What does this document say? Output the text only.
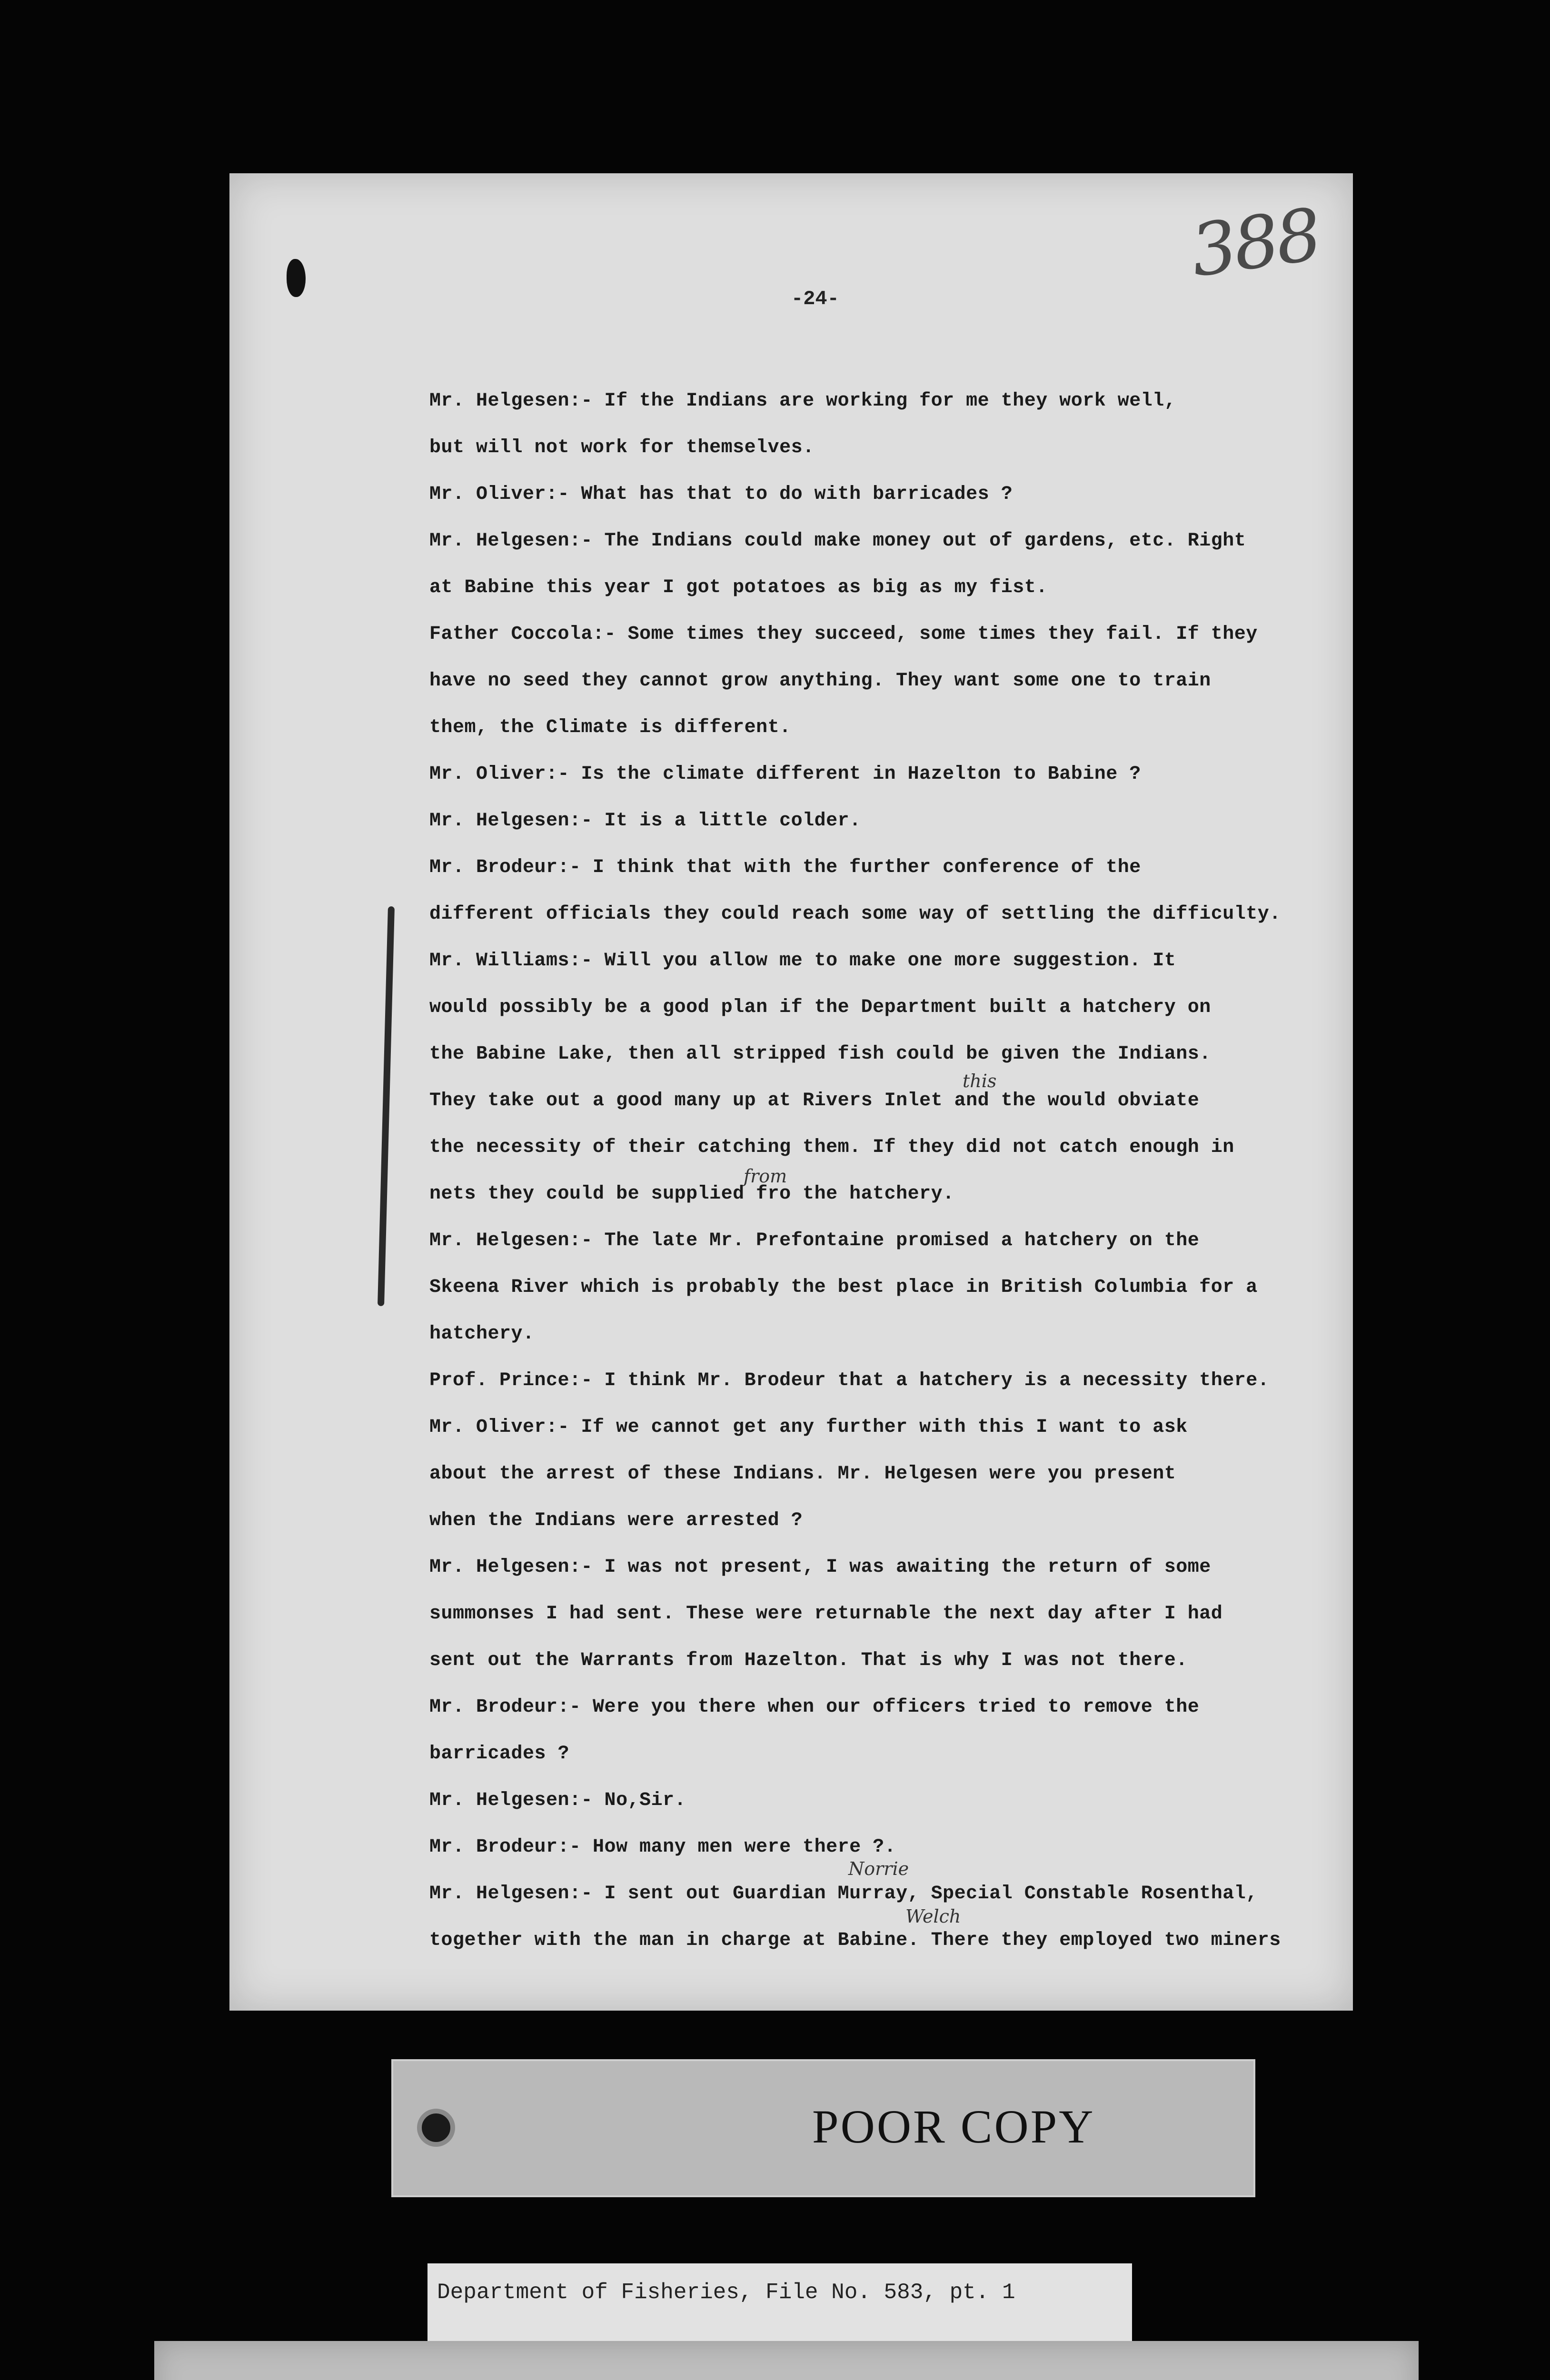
388
-24-
Mr. Helgesen:- If the Indians are working for me they work well,
but will not work for themselves.
Mr. Oliver:- What has that to do with barricades ?
Mr. Helgesen:- The Indians could make money out of gardens, etc. Right
at Babine this year I got potatoes as big as my fist.
Father Coccola:- Some times they succeed, some times they fail. If they
have no seed they cannot grow anything. They want some one to train
them, the Climate is different.
Mr. Oliver:- Is the climate different in Hazelton to Babine ?
Mr. Helgesen:- It is a little colder.
Mr. Brodeur:- I think that with the further conference of the
different officials they could reach some way of settling the difficulty.
Mr. Williams:- Will you allow me to make one more suggestion. It
would possibly be a good plan if the Department built a hatchery on
the Babine Lake, then all stripped fish could be given the Indians.
They take out a good many up at Rivers Inlet and the would obviate
the necessity of their catching them. If they did not catch enough in
nets they could be supplied fro the hatchery.
Mr. Helgesen:- The late Mr. Prefontaine promised a hatchery on the
Skeena River which is probably the best place in British Columbia for a
hatchery.
Prof. Prince:- I think Mr. Brodeur that a hatchery is a necessity there.
Mr. Oliver:- If we cannot get any further with this I want to ask
about the arrest of these Indians. Mr. Helgesen were you present
when the Indians were arrested ?
Mr. Helgesen:- I was not present, I was awaiting the return of some
summonses I had sent. These were returnable the next day after I had
sent out the Warrants from Hazelton. That is why I was not there.
Mr. Brodeur:- Were you there when our officers tried to remove the
barricades ?
Mr. Helgesen:- No,Sir.
Mr. Brodeur:- How many men were there ?.
Mr. Helgesen:- I sent out Guardian Murray, Special Constable Rosenthal,
together with the man in charge at Babine. There they employed two miners
this
from
Norrie
Welch
POOR COPY
Department of Fisheries, File No. 583, pt. 1
